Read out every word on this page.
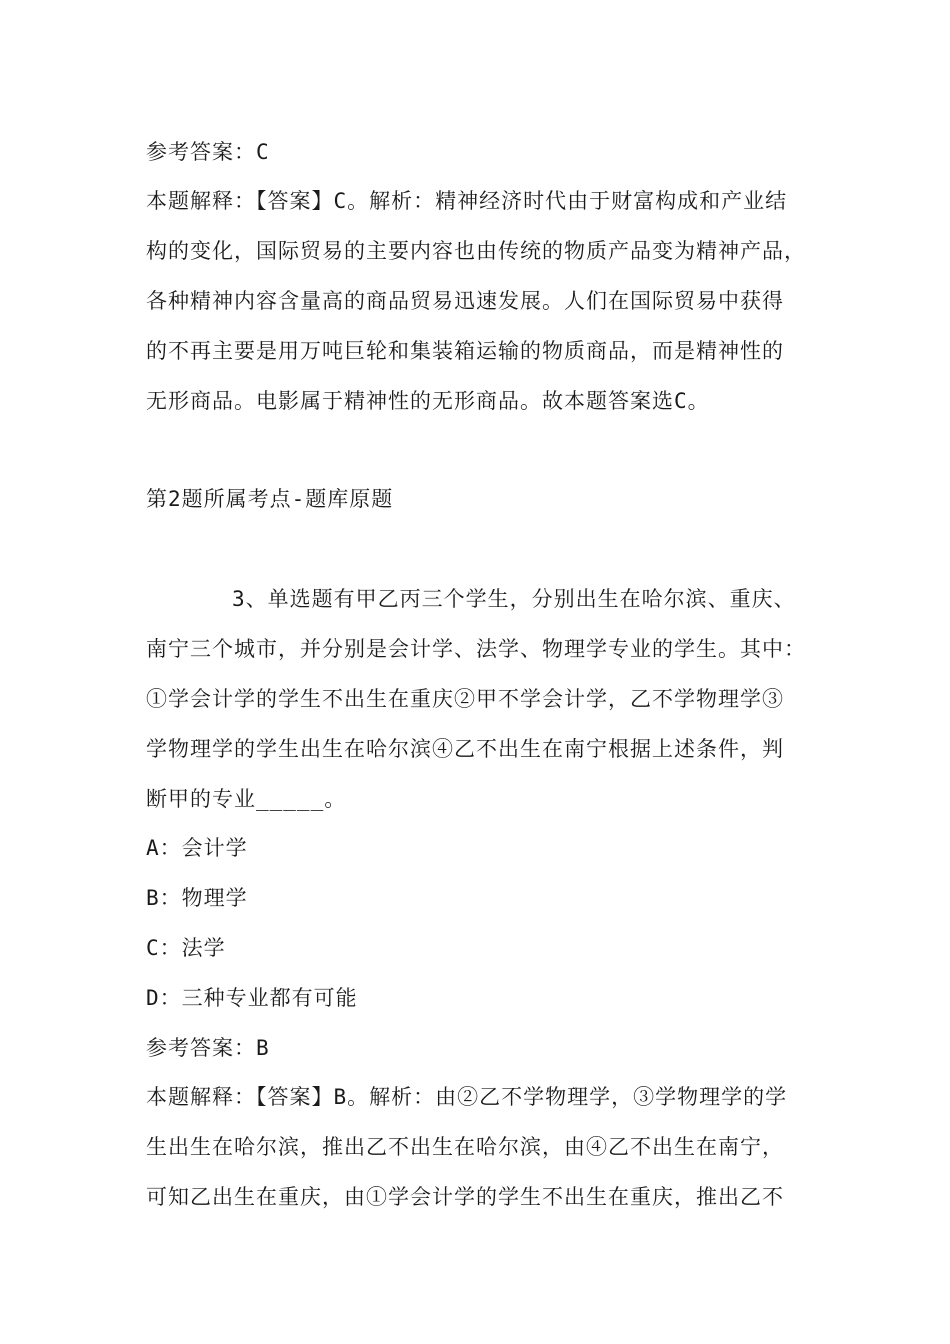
参考答案：C
本题解释：【答案】C。解析：精神经济时代由于财富构成和产业结
构的变化，国际贸易的主要内容也由传统的物质产品变为精神产品，
各种精神内容含量高的商品贸易迅速发展。人们在国际贸易中获得
的不再主要是用万吨巨轮和集装箱运输的物质商品，而是精神性的
无形商品。电影属于精神性的无形商品。故本题答案选C。
第2题所属考点-题库原题
3、单选题有甲乙丙三个学生，分别出生在哈尔滨、重庆、
南宁三个城市，并分别是会计学、法学、物理学专业的学生。其中：
①学会计学的学生不出生在重庆②甲不学会计学，乙不学物理学③
学物理学的学生出生在哈尔滨④乙不出生在南宁根据上述条件，判
断甲的专业_____。
A：会计学
B：物理学
C：法学
D：三种专业都有可能
参考答案：B
本题解释：【答案】B。解析：由②乙不学物理学，③学物理学的学
生出生在哈尔滨，推出乙不出生在哈尔滨，由④乙不出生在南宁，
可知乙出生在重庆，由①学会计学的学生不出生在重庆，推出乙不
